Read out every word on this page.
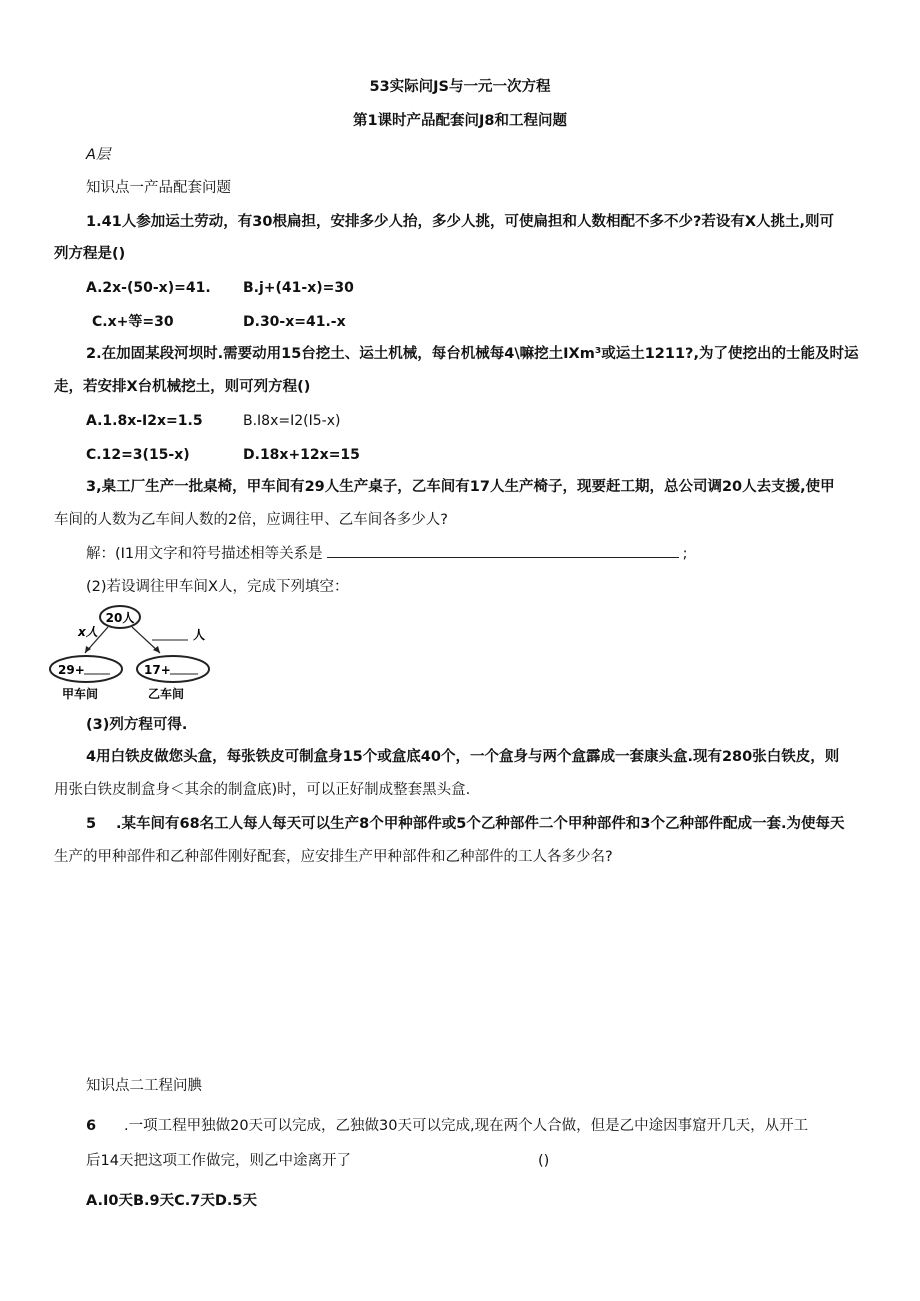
53实际问JS与一元一次方程
第1课时产品配套问J8和工程问题
A层
知识点一产品配套问题
1.41人参加运土劳动，有30根扁担，安排多少人抬，多少人挑，可使扁担和人数相配不多不少?若设有X人挑土,则可
列方程是()
A.2x-(50-x)=41. B.j+(41-x)=30
C.x+等=30	D.30-x=41.-x
2.在加固某段河坝时.需要动用15台挖土、运土机械，每台机械每4\嘛挖土IXm³或运土1211?,为了使挖出的士能及时运
走，若安排X台机械挖土，则可列方程()
A.1.8x-I2x=1.5	B.I8x=I2(I5-x)
C.12=3(15-x)	D.18x+12x=15
3,臬工厂生产一批桌椅，甲车间有29人生产桌子，乙车间有17人生产椅子，现要赶工期，总公司调20人去支援,使甲
车间的人数为乙车间人数的2倍，应调往甲、乙车间各多少人?
解：(I1用文字和符号描述相等关系是	;
(2)若设调往甲车间X人，完成下列填空：
20人
x人	人
29+	17+
甲车间	乙车间
(3)列方程可得.
4用白铁皮做您头盒，每张铁皮可制盒身15个或盒底40个，一个盒身与两个盒霹成一套康头盒.现有280张白铁皮，则
用张白铁皮制盒身＜其余的制盒底)时，可以正好制成整套黑头盒.
5 .某车间有68名工人每人每天可以生产8个甲种部件或5个乙种部件二个甲种部件和3个乙种部件配成一套.为使每天
生产的甲种部件和乙种部件刚好配套，应安排生产甲种部件和乙种部件的工人各多少名?
知识点二工程问腆
6 .一项工程甲独做20天可以完成，乙独做30天可以完成,现在两个人合做，但是乙中途因事窟开几天，从开工
后14天把这项工作做完，则乙中途离开了	()
A.I0天B.9天C.7天D.5天
